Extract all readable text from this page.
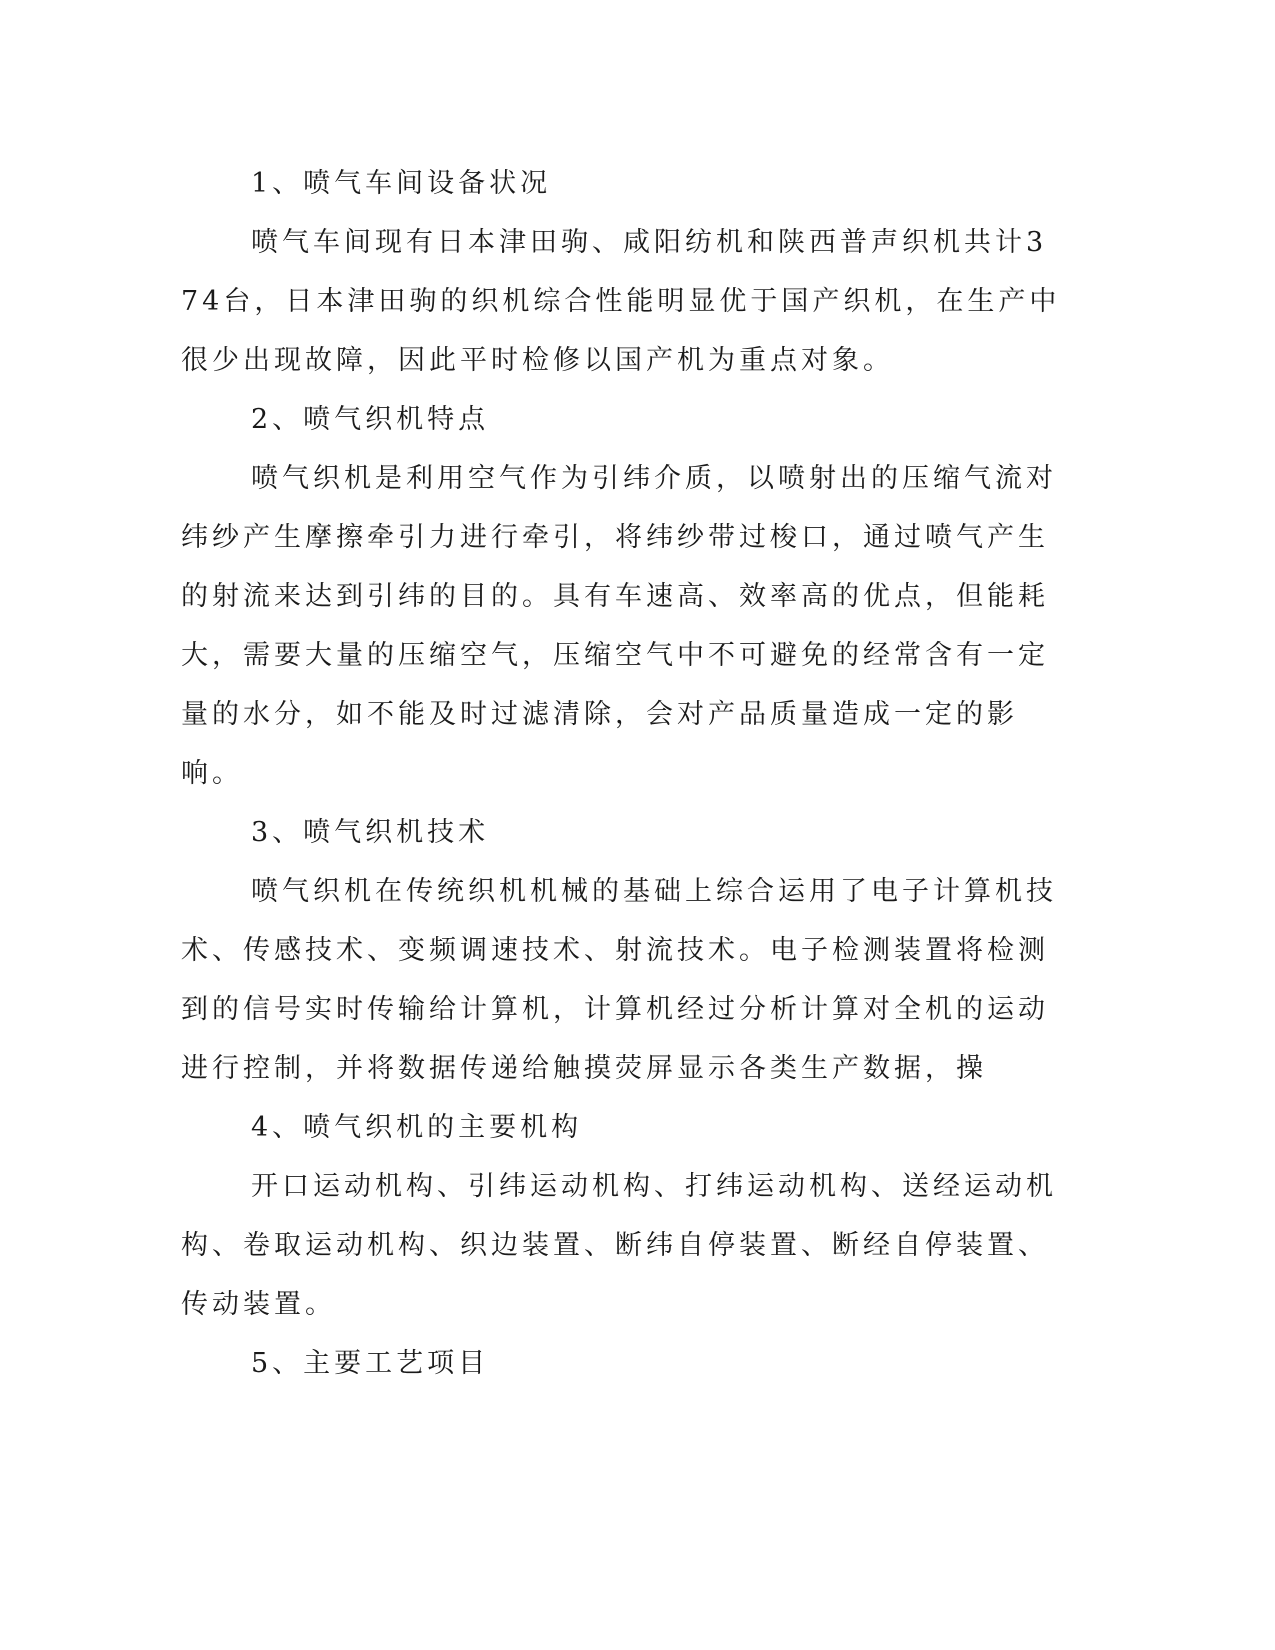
1、喷气车间设备状况

喷气车间现有日本津田驹、咸阳纺机和陕西普声织机共计374台，日本津田驹的织机综合性能明显优于国产织机，在生产中很少出现故障，因此平时检修以国产机为重点对象。

2、喷气织机特点

喷气织机是利用空气作为引纬介质，以喷射出的压缩气流对纬纱产生摩擦牵引力进行牵引，将纬纱带过梭口，通过喷气产生的射流来达到引纬的目的。具有车速高、效率高的优点，但能耗大，需要大量的压缩空气，压缩空气中不可避免的经常含有一定量的水分，如不能及时过滤清除，会对产品质量造成一定的影响。

3、喷气织机技术

喷气织机在传统织机机械的基础上综合运用了电子计算机技术、传感技术、变频调速技术、射流技术。电子检测装置将检测到的信号实时传输给计算机，计算机经过分析计算对全机的运动进行控制，并将数据传递给触摸荧屏显示各类生产数据，操

4、喷气织机的主要机构

开口运动机构、引纬运动机构、打纬运动机构、送经运动机构、卷取运动机构、织边装置、断纬自停装置、断经自停装置、传动装置。

5、主要工艺项目
